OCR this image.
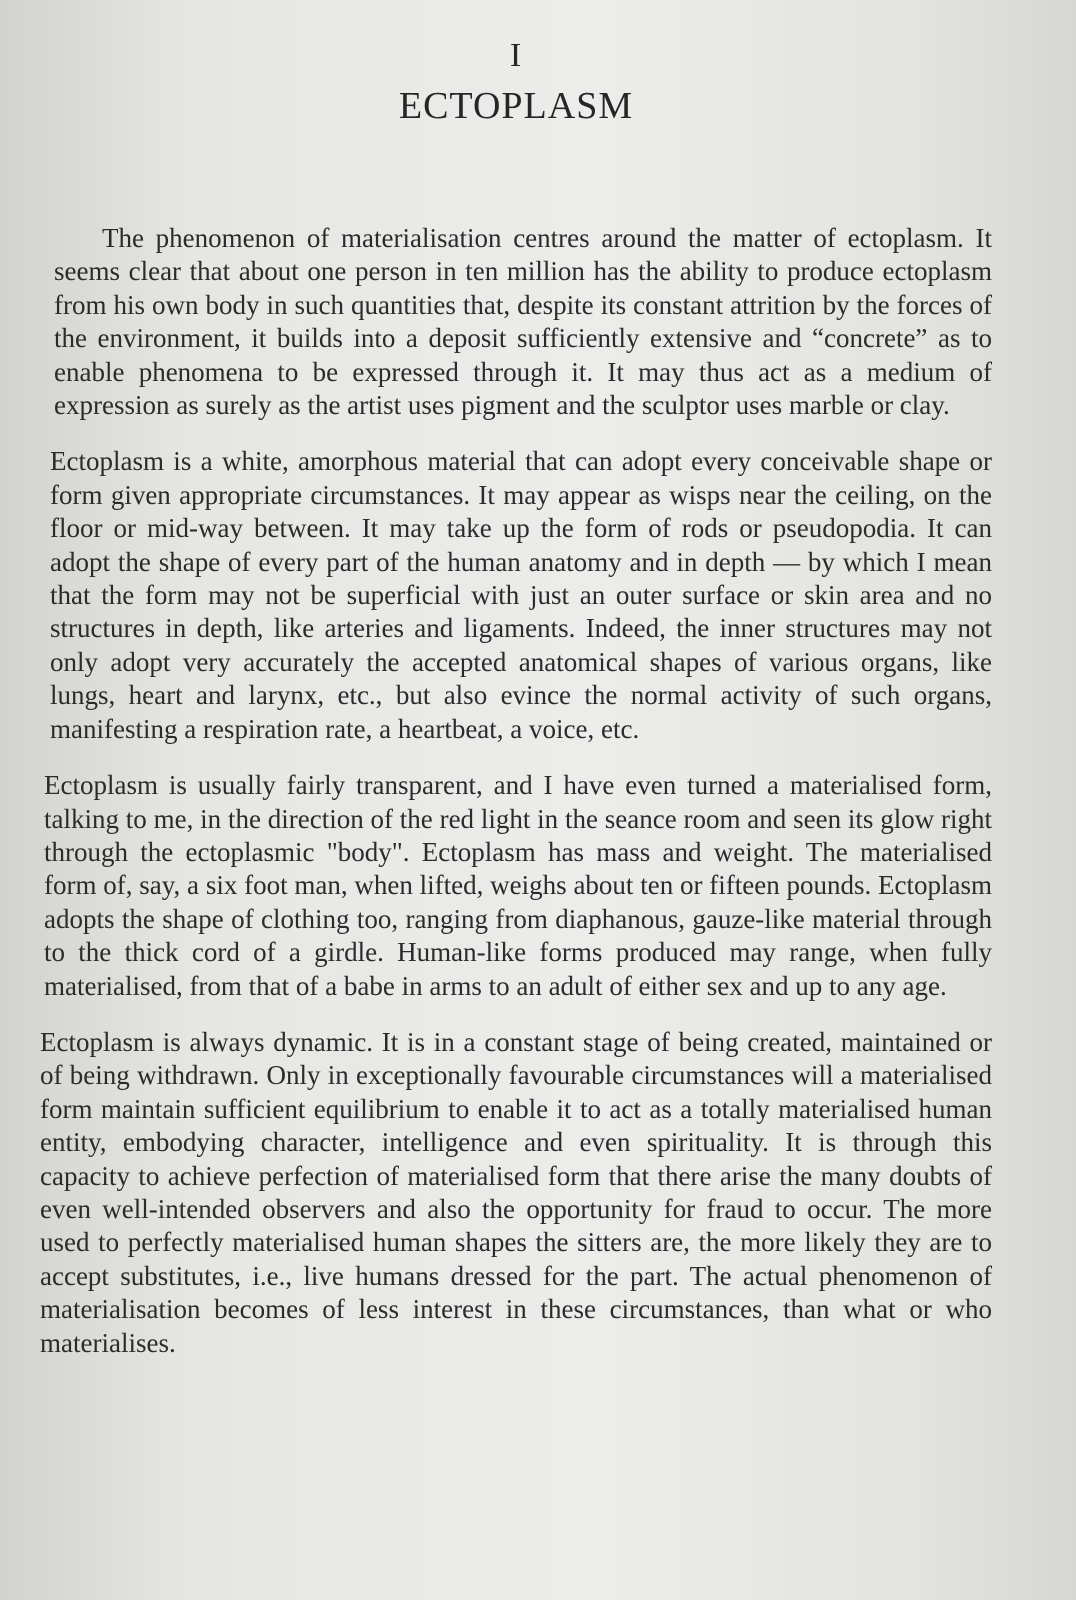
I
ECTOPLASM

The phenomenon of materialisation centres around the matter of ectoplasm. It seems clear that about one person in ten million has the ability to produce ectoplasm from his own body in such quantities that, despite its constant attrition by the forces of the environment, it builds into a deposit sufficiently extensive and “concrete” as to enable phenomena to be expressed through it. It may thus act as a medium of expression as surely as the artist uses pigment and the sculptor uses marble or clay.

Ectoplasm is a white, amorphous material that can adopt every conceivable shape or form given appropriate circumstances. It may appear as wisps near the ceiling, on the floor or mid-way between. It may take up the form of rods or pseudopodia. It can adopt the shape of every part of the human anatomy and in depth — by which I mean that the form may not be superficial with just an outer surface or skin area and no structures in depth, like arteries and ligaments. Indeed, the inner structures may not only adopt very accurately the accepted anatomical shapes of various organs, like lungs, heart and larynx, etc., but also evince the normal activity of such organs, manifesting a respiration rate, a heartbeat, a voice, etc.

Ectoplasm is usually fairly transparent, and I have even turned a materialised form, talking to me, in the direction of the red light in the seance room and seen its glow right through the ectoplasmic "body". Ectoplasm has mass and weight. The materialised form of, say, a six foot man, when lifted, weighs about ten or fifteen pounds. Ectoplasm adopts the shape of clothing too, ranging from diaphanous, gauze-like material through to the thick cord of a girdle. Human-like forms produced may range, when fully materialised, from that of a babe in arms to an adult of either sex and up to any age.

Ectoplasm is always dynamic. It is in a constant stage of being created, maintained or of being withdrawn. Only in exceptionally favourable circumstances will a materialised form maintain sufficient equilibrium to enable it to act as a totally materialised human entity, embodying character, intelligence and even spirituality. It is through this capacity to achieve perfection of materialised form that there arise the many doubts of even well-intended observers and also the opportunity for fraud to occur. The more used to perfectly materialised human shapes the sitters are, the more likely they are to accept substitutes, i.e., live humans dressed for the part. The actual phenomenon of materialisation becomes of less interest in these circumstances, than what or who materialises.
